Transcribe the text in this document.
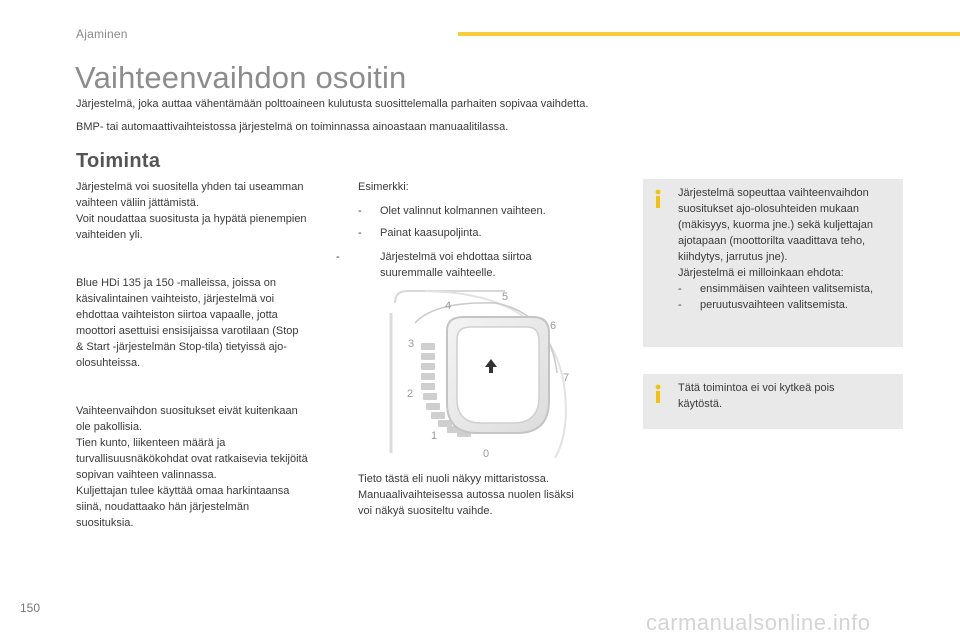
Ajaminen
Vaihteenvaihdon osoitin
Järjestelmä, joka auttaa vähentämään polttoaineen kulutusta suosittelemalla parhaiten sopivaa vaihdetta.
BMP- tai automaattivaihteistossa järjestelmä on toiminnassa ainoastaan manuaalitilassa.
Toiminta
Järjestelmä voi suositella yhden tai useamman
vaihteen väliin jättämistä.
Voit noudattaa suositusta ja hypätä pienempien
vaihteiden yli.
Blue HDi 135 ja 150 -malleissa, joissa on
käsivalintainen vaihteisto, järjestelmä voi
ehdottaa vaihteiston siirtoa vapaalle, jotta
moottori asettuisi ensisijaissa varotilaan (Stop
& Start -järjestelmän Stop-tila) tietyissä ajo-
olosuhteissa.
Vaihteenvaihdon suositukset eivät kuitenkaan
ole pakollisia.
Tien kunto, liikenteen määrä ja
turvallisuusnäkökohdat ovat ratkaisevia tekijöitä
sopivan vaihteen valinnassa.
Kuljettajan tulee käyttää omaa harkintaansa
siinä, noudattaako hän järjestelmän
suosituksia.
Esimerkki:
- Olet valinnut kolmannen vaihteen.
- Painat kaasupoljinta.
-	Järjestelmä voi ehdottaa siirtoa suuremmalle vaihteelle.
0
1
2
3
4
5
6
7
Tieto tästä eli nuoli näkyy mittaristossa.
Manuaalivaihteisessa autossa nuolen lisäksi
voi näkyä suositeltu vaihde.
Järjestelmä sopeuttaa vaihteenvaihdon
suositukset ajo-olosuhteiden mukaan
(mäkisyys, kuorma jne.) sekä kuljettajan
ajotapaan (moottorilta vaadittava teho,
kiihdytys, jarrutus jne).
Järjestelmä ei milloinkaan ehdota:
- ensimmäisen vaihteen valitsemista,
- peruutusvaihteen valitsemista.
Tätä toimintoa ei voi kytkeä pois
käytöstä.
150
carmanualsonline.info
